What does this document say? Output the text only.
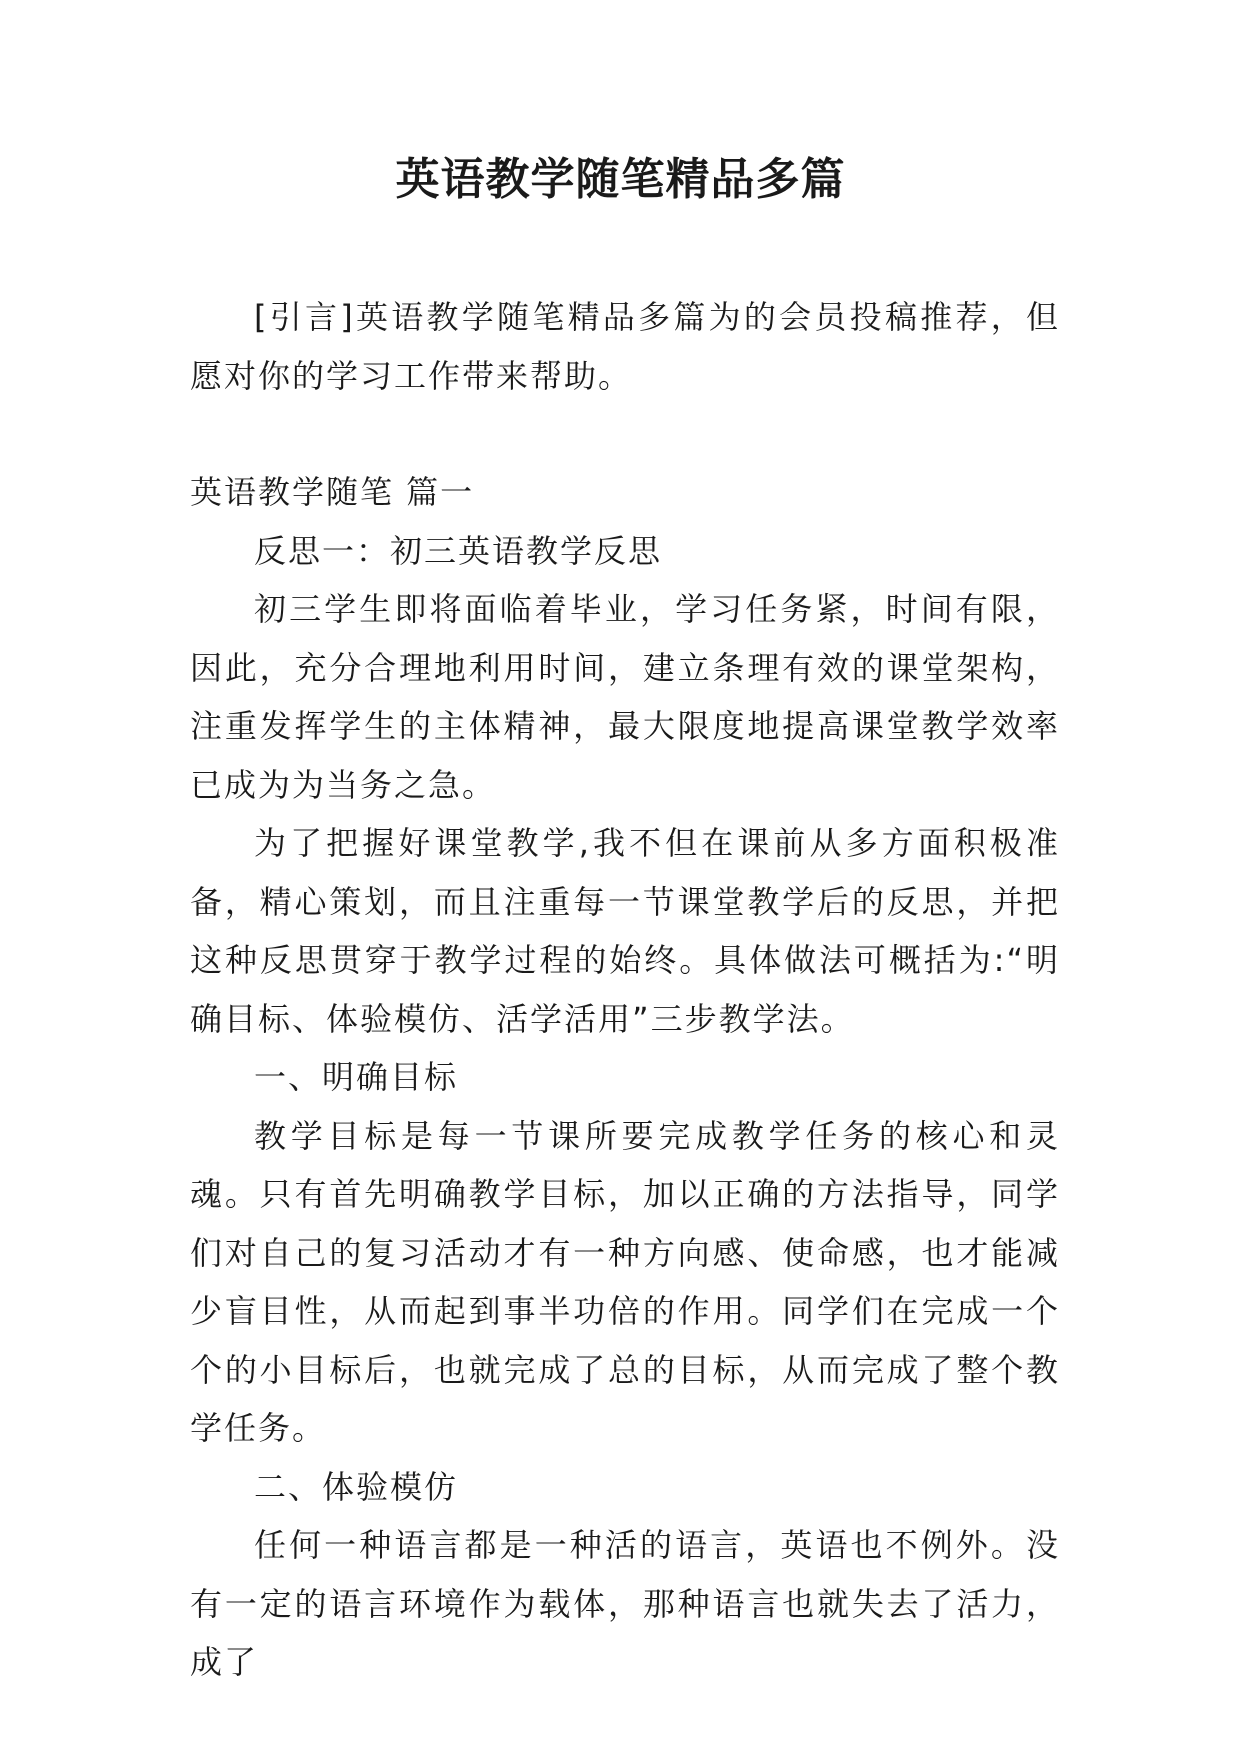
英语教学随笔精品多篇

[引言]英语教学随笔精品多篇为的会员投稿推荐，但愿对你的学习工作带来帮助。

英语教学随笔 篇一

反思一：初三英语教学反思

初三学生即将面临着毕业，学习任务紧，时间有限，因此，充分合理地利用时间，建立条理有效的课堂架构，注重发挥学生的主体精神，最大限度地提高课堂教学效率已成为为当务之急。

为了把握好课堂教学,我不但在课前从多方面积极准备，精心策划，而且注重每一节课堂教学后的反思，并把这种反思贯穿于教学过程的始终。具体做法可概括为:“明确目标、体验模仿、活学活用”三步教学法。

一、明确目标

教学目标是每一节课所要完成教学任务的核心和灵魂。只有首先明确教学目标，加以正确的方法指导，同学们对自己的复习活动才有一种方向感、使命感，也才能减少盲目性，从而起到事半功倍的作用。同学们在完成一个个的小目标后，也就完成了总的目标，从而完成了整个教学任务。

二、体验模仿

任何一种语言都是一种活的语言，英语也不例外。没有一定的语言环境作为载体，那种语言也就失去了活力，成了
